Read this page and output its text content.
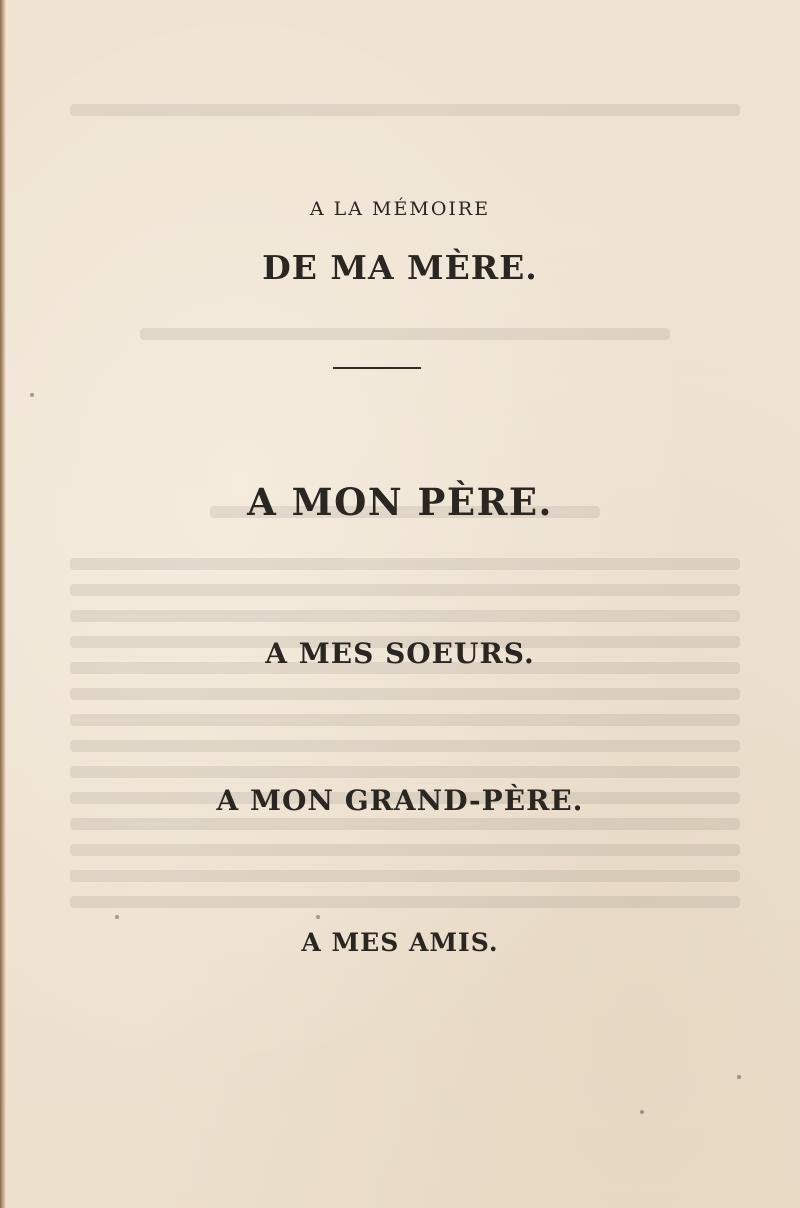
A LA MÉMOIRE
DE MA MÈRE.
A MON PÈRE.
A MES SOEURS.
A MON GRAND-PÈRE.
A MES AMIS.
